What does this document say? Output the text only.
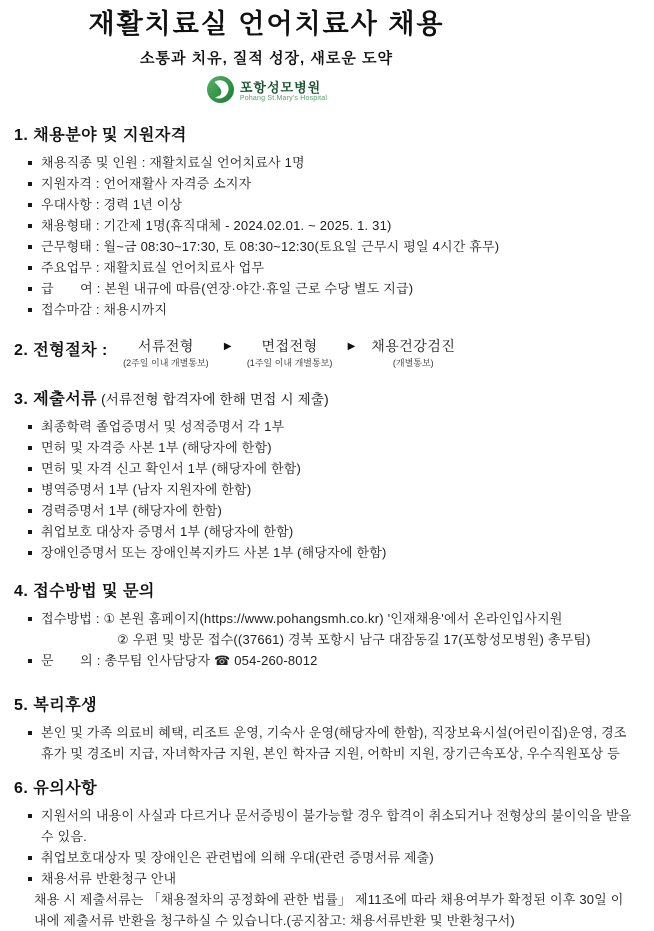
재활치료실 언어치료사 채용
소통과 치유, 질적 성장, 새로운 도약
포항성모병원
Pohang St.Mary's Hospital
1. 채용분야 및 지원자격
채용직종 및 인원 : 재활치료실 언어치료사 1명
지원자격 : 언어재활사 자격증 소지자
우대사항 : 경력 1년 이상
채용형태 : 기간제 1명(휴직대체 - 2024.02.01. ~ 2025. 1. 31)
근무형태 : 월~금 08:30~17:30, 토 08:30~12:30(토요일 근무시 평일 4시간 휴무)
주요업무 : 재활치료실 언어치료사 업무
급　　여 : 본원 내규에 따름(연장·야간·휴일 근로 수당 별도 지급)
접수마감 : 채용시까지
2. 전형절차 : 서류전형
(2주일 이내 개별통보)
▶ 면접전형
(1주일 이내 개별통보)
▶ 채용건강검진
(개별통보)
3. 제출서류 (서류전형 합격자에 한해 면접 시 제출)
최종학력 졸업증명서 및 성적증명서 각 1부
면허 및 자격증 사본 1부 (해당자에 한함)
면허 및 자격 신고 확인서 1부 (해당자에 한함)
병역증명서 1부 (남자 지원자에 한함)
경력증명서 1부 (해당자에 한함)
취업보호 대상자 증명서 1부 (해당자에 한함)
장애인증명서 또는 장애인복지카드 사본 1부 (해당자에 한함)
4. 접수방법 및 문의
접수방법 : ① 본원 홈페이지(https://www.pohangsmh.co.kr) '인재채용'에서 온라인입사지원
② 우편 및 방문 접수((37661) 경북 포항시 남구 대잠동길 17(포항성모병원) 총무팀)
문　　의 : 총무팀 인사담당자 ☎ 054-260-8012
5. 복리후생
본인 및 가족 의료비 혜택, 리조트 운영, 기숙사 운영(해당자에 한함), 직장보육시설(어린이집)운영, 경조 휴가 및 경조비 지급, 자녀학자금 지원, 본인 학자금 지원, 어학비 지원, 장기근속포상, 우수직원포상 등
6. 유의사항
지원서의 내용이 사실과 다르거나 문서증빙이 불가능할 경우 합격이 취소되거나 전형상의 불이익을 받을 수 있음.
취업보호대상자 및 장애인은 관련법에 의해 우대(관련 증명서류 제출)
채용서류 반환청구 안내
채용 시 제출서류는 「채용절차의 공정화에 관한 법률」 제11조에 따라 채용여부가 확정된 이후 30일 이내에 제출서류 반환을 청구하실 수 있습니다.(공지참고: 채용서류반환 및 반환청구서)
